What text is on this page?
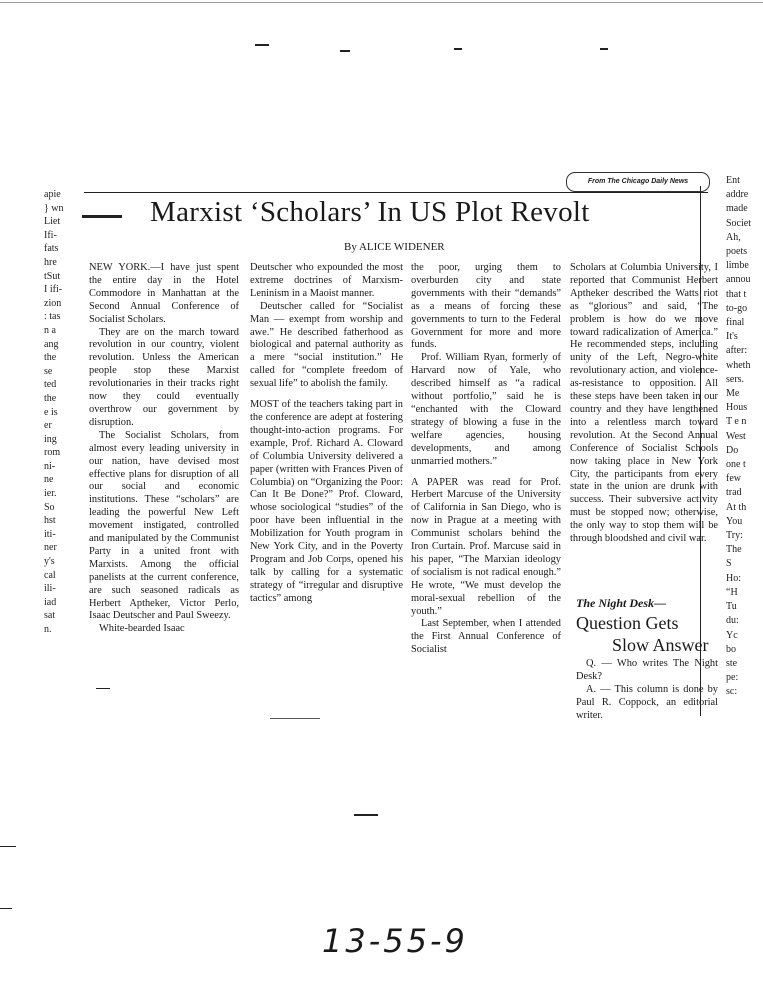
apie
} wn
Liet
Ifi-
fats
hre
tSut
I ifi-
zion
: tas
n a
ang
the
se
ted
the
e is
er
ing
rom
ni-
ne
ier.
So
hst
iti-
ner
y's
cal
ili-
iad
sat
n.
Ent
addre
made
Societ
Ah,
poets
limbe
annou
that t
to-go
final
It's
after:
wheth
sers.
Me
Hous
T e n
West
Do
one t
few
trad
At th
You
Try:
The
S
Ho:
“H
Tu
du:
Yc
bo
ste
pe:
sc:
From The Chicago Daily News
Marxist ‘Scholars’ In US Plot Revolt
By ALICE WIDENER

NEW YORK.—I have just spent the entire day in the Hotel Commodore in Manhattan at the Second Annual Conference of Socialist Scholars.

They are on the march toward revolution in our country, violent revolution. Unless the American people stop these Marxist revolutionaries in their tracks right now they could eventually overthrow our government by disruption.

The Socialist Scholars, from almost every leading university in our nation, have devised most effective plans for disruption of all our social and economic institutions. These “scholars” are leading the powerful New Left movement instigated, controlled and manipulated by the Communist Party in a united front with Marxists. Among the official panelists at the current conference, are such seasoned radicals as Herbert Aptheker, Victor Perlo, Isaac Deutscher and Paul Sweezy.

White-bearded Isaac

Deutscher who expounded the most extreme doctrines of Marxism-Leninism in a Maoist manner.

Deutscher called for “Socialist Man — exempt from worship and awe.” He described fatherhood as biological and paternal authority as a mere “social institution.” He called for “complete freedom of sexual life” to abolish the family.

MOST of the teachers taking part in the conference are adept at fostering thought-into-action programs. For example, Prof. Richard A. Cloward of Columbia University delivered a paper (written with Frances Piven of Columbia) on “Organizing the Poor: Can It Be Done?” Prof. Cloward, whose sociological “studies” of the poor have been influential in the Mobilization for Youth program in New York City, and in the Poverty Program and Job Corps, opened his talk by calling for a systematic strategy of “irregular and disruptive tactics” among

the poor, urging them to overburden city and state governments with their “demands” as a means of forcing these governments to turn to the Federal Government for more and more funds.

Prof. William Ryan, formerly of Harvard now of Yale, who described himself as “a radical without portfolio,” said he is “enchanted with the Cloward strategy of blowing a fuse in the welfare agencies, housing developments, and among unmarried mothers.”

A PAPER was read for Prof. Herbert Marcuse of the University of California in San Diego, who is now in Prague at a meeting with Communist scholars behind the Iron Curtain. Prof. Marcuse said in his paper, “The Marxian ideology of socialism is not radical enough.” He wrote, “We must develop the moral-sexual rebellion of the youth.”

Last September, when I attended the First Annual Conference of Socialist

Scholars at Columbia University, I reported that Communist Herbert Aptheker described the Watts riot as “glorious” and said, “The problem is how do we move toward radicalization of America.” He recommended steps, including unity of the Left, Negro-white revolutionary action, and violence-as-resistance to opposition. All these steps have been taken in our country and they have lengthened into a relentless march toward revolution. At the Second Annual Conference of Socialist Schools now taking place in New York City, the participants from every state in the union are drunk with success. Their subversive activity must be stopped now; otherwise, the only way to stop them will be through bloodshed and civil war.

The Night Desk—
Question Gets
Slow Answer

Q. — Who writes The Night Desk?

A. — This column is done by Paul R. Coppock, an editorial writer.

13-55-9
